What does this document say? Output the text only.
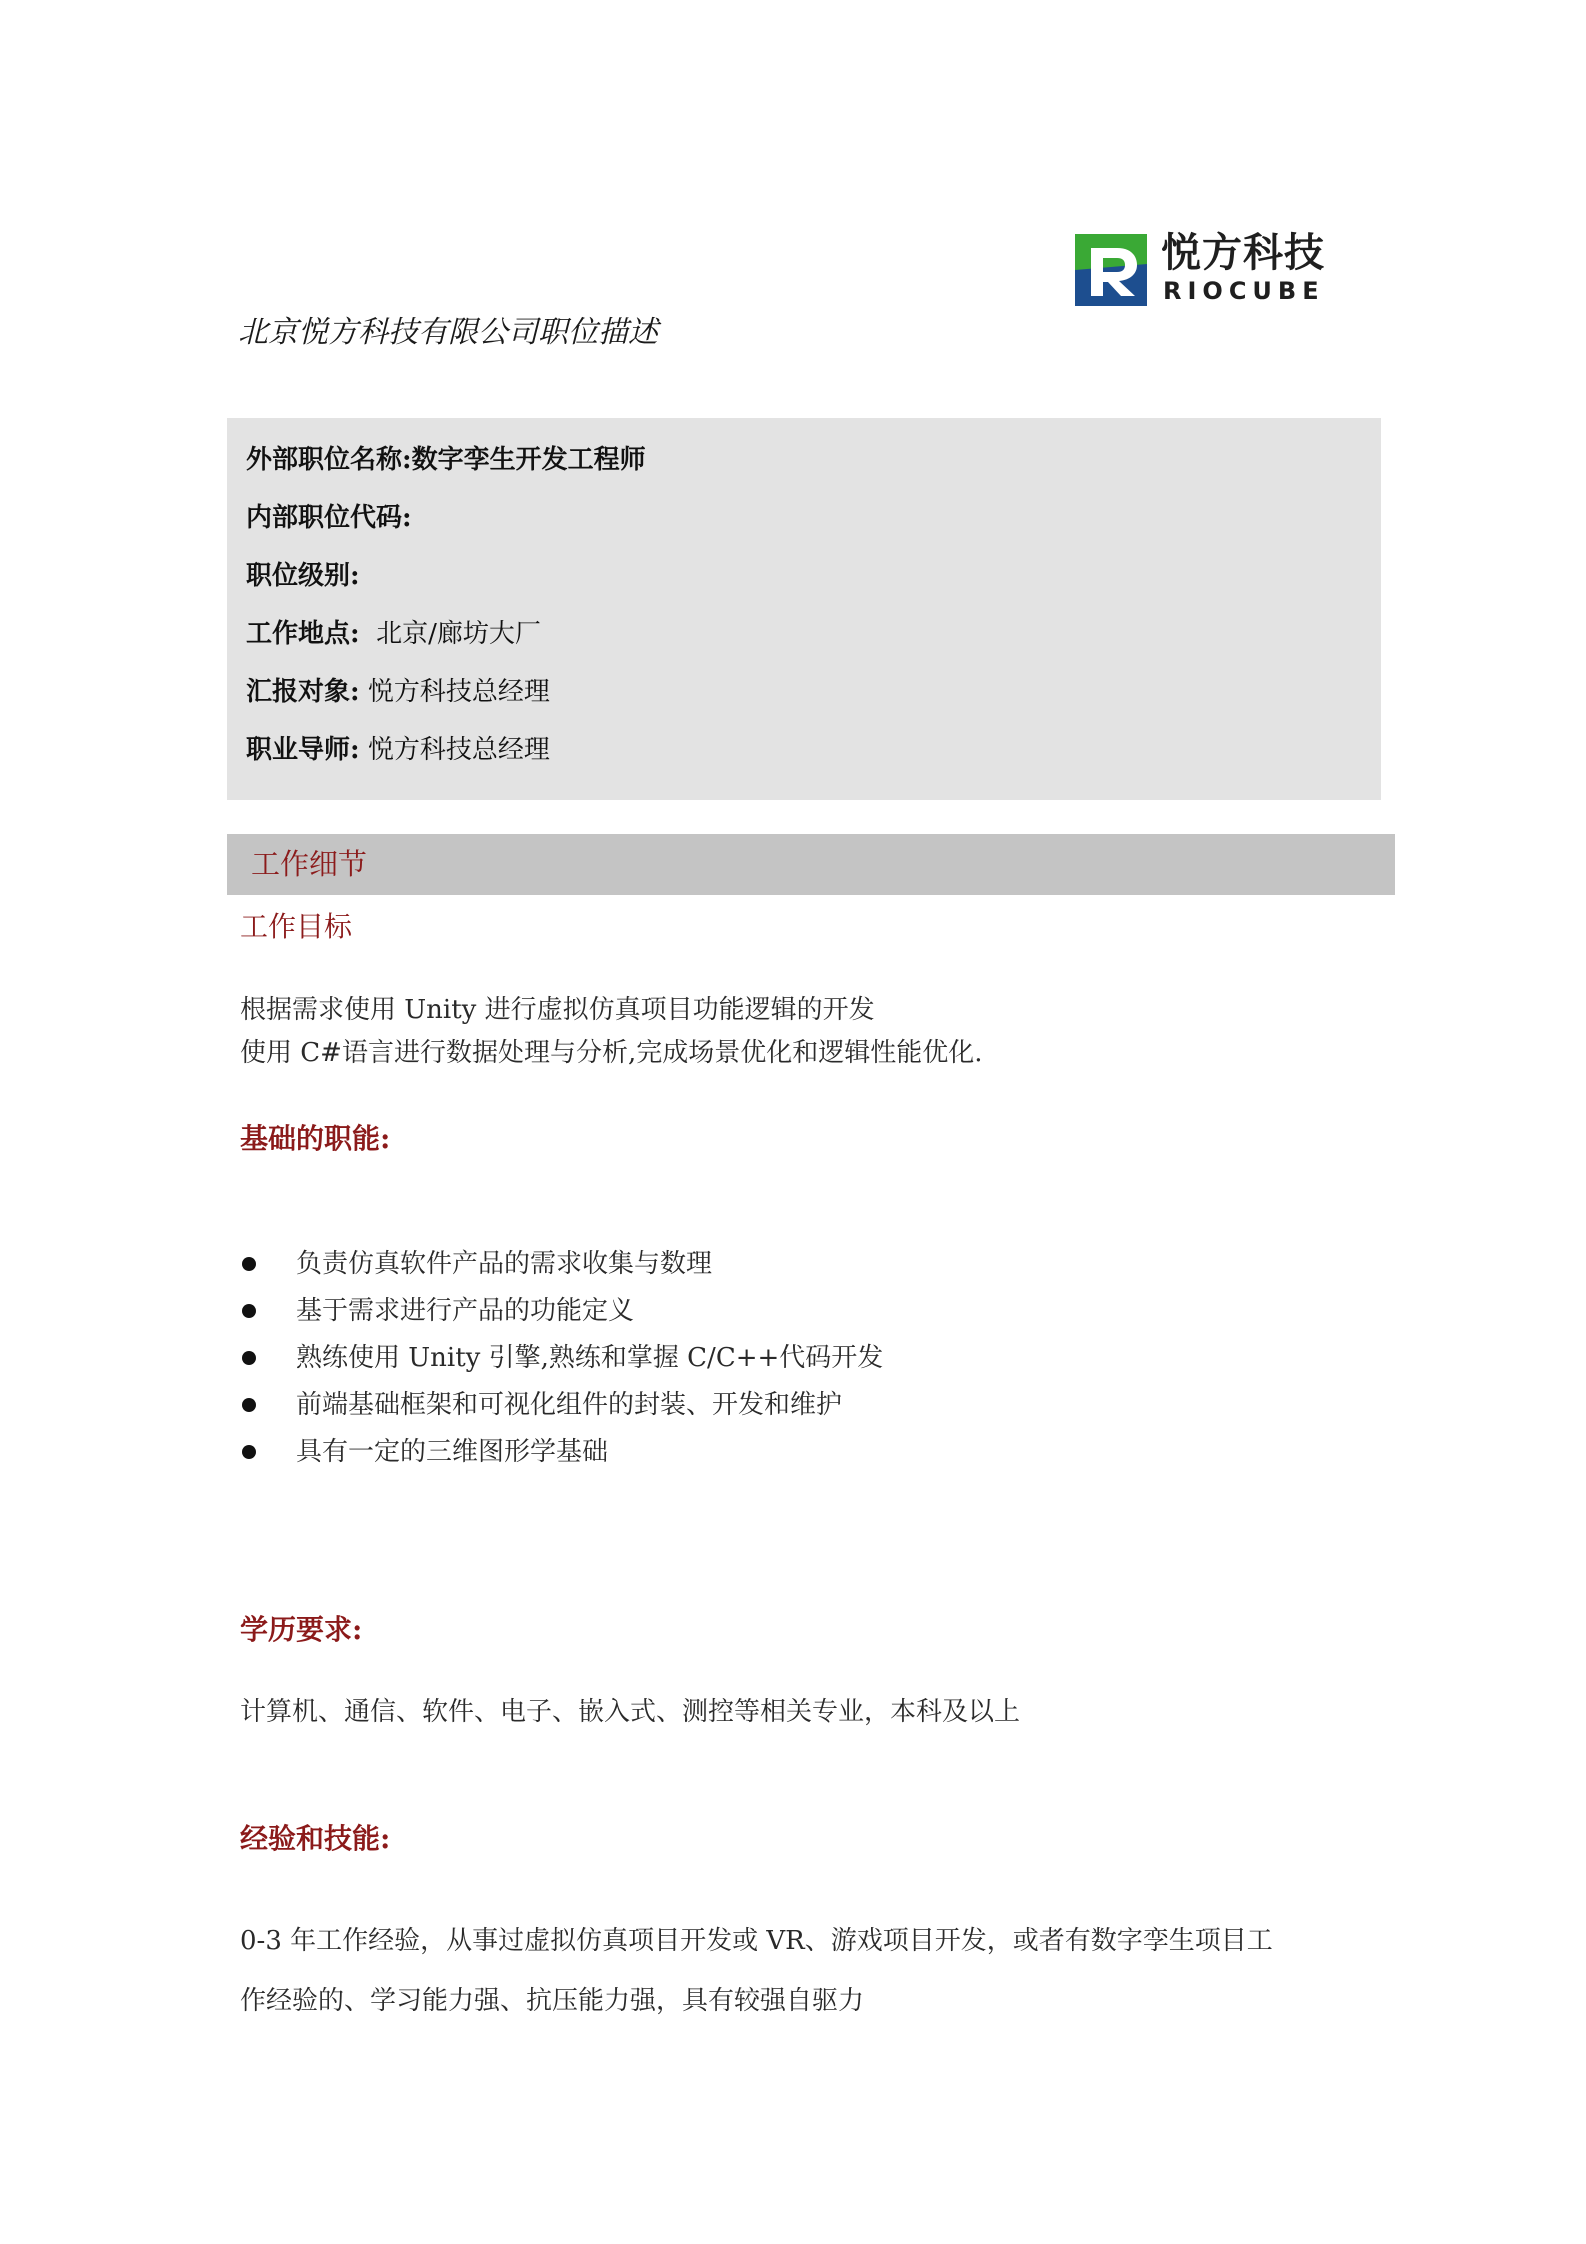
悦方科技
RIOCUBE
北京悦方科技有限公司职位描述
外部职位名称:数字孪生开发工程师
内部职位代码:
职位级别:
工作地点: 北京/廊坊大厂
汇报对象: 悦方科技总经理
职业导师: 悦方科技总经理
工作细节
工作目标
根据需求使用 Unity 进行虚拟仿真项目功能逻辑的开发
使用 C#语言进行数据处理与分析,完成场景优化和逻辑性能优化.
基础的职能:
负责仿真软件产品的需求收集与数理
基于需求进行产品的功能定义
熟练使用 Unity 引擎,熟练和掌握 C/C++代码开发
前端基础框架和可视化组件的封装、开发和维护
具有一定的三维图形学基础
学历要求:
计算机、通信、软件、电子、嵌入式、测控等相关专业，本科及以上
经验和技能:
0-3 年工作经验，从事过虚拟仿真项目开发或 VR、游戏项目开发，或者有数字孪生项目工
作经验的、学习能力强、抗压能力强，具有较强自驱力
